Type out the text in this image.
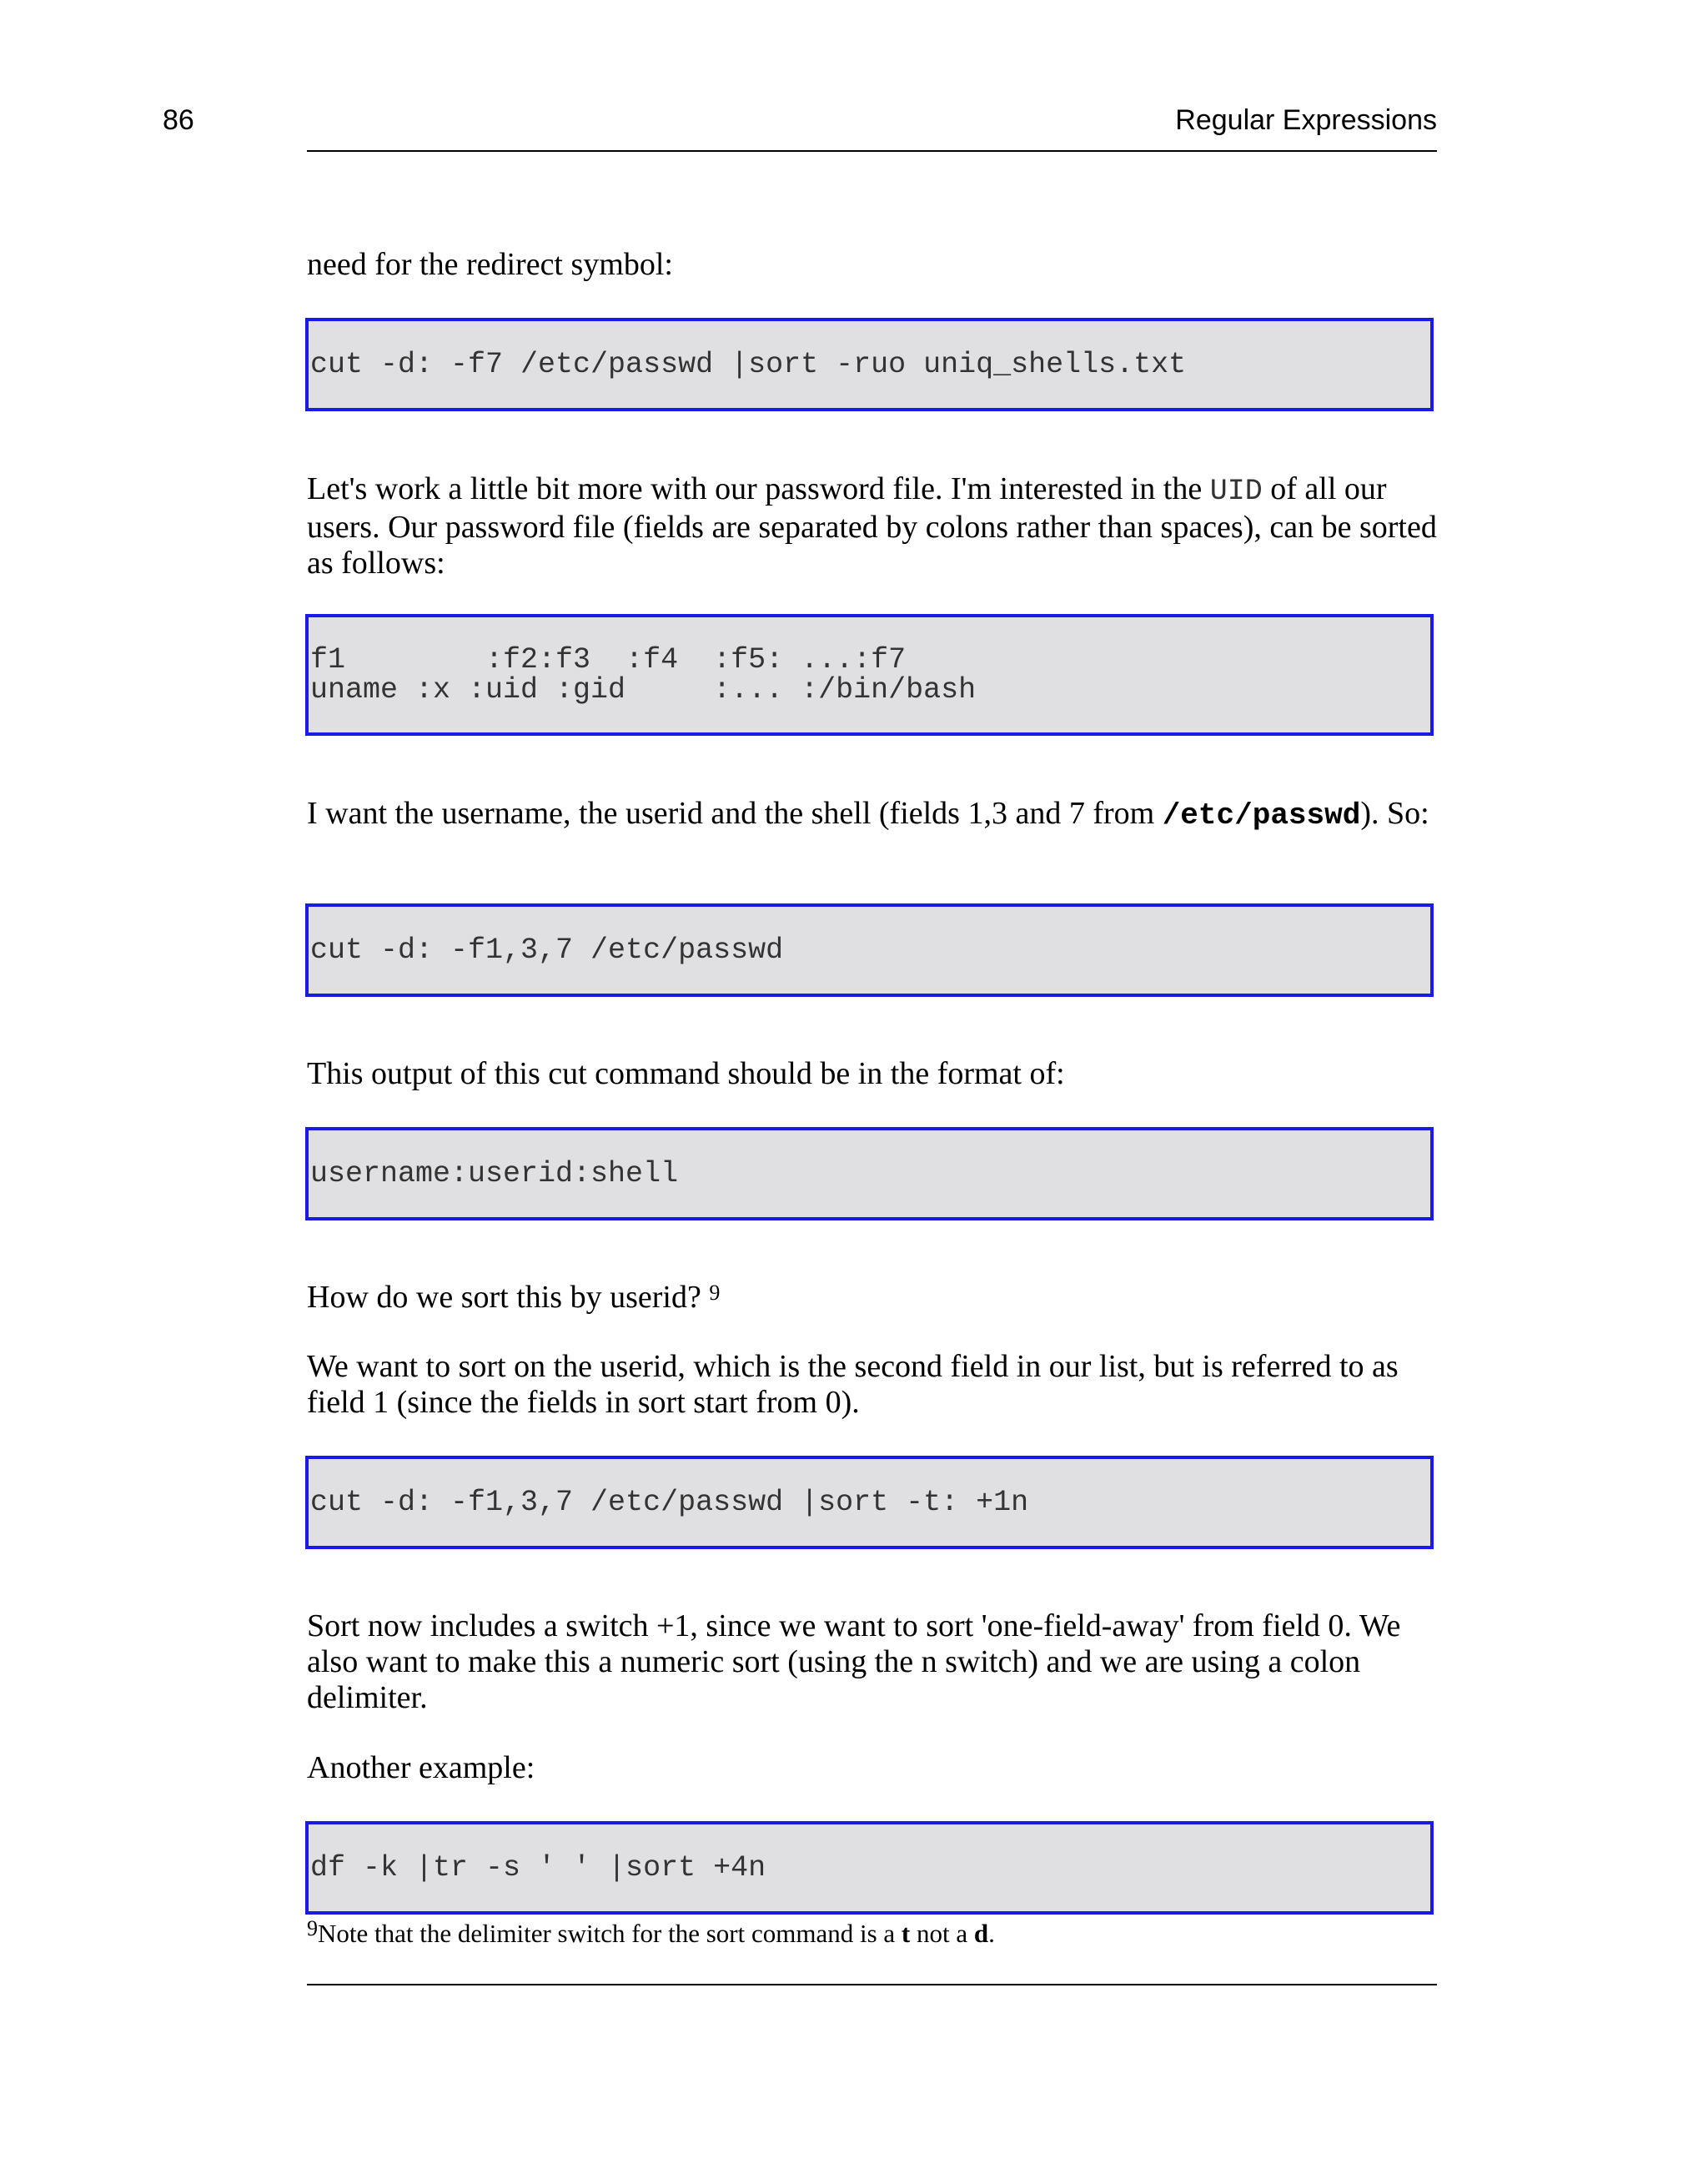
86	Regular Expressions

need for the redirect symbol:

cut -d: -f7 /etc/passwd |sort -ruo uniq_shells.txt

Let's work a little bit more with our password file. I'm interested in the UID of all our users. Our password file (fields are separated by colons rather than spaces), can be sorted as follows:

f1        :f2:f3  :f4  :f5: ...:f7
uname :x :uid :gid     :... :/bin/bash

I want the username, the userid and the shell (fields 1,3 and 7 from /etc/passwd). So:

cut -d: -f1,3,7 /etc/passwd

This output of this cut command should be in the format of:

username:userid:shell

How do we sort this by userid? $^9$

We want to sort on the userid, which is the second field in our list, but is referred to as field 1 (since the fields in sort start from 0).

cut -d: -f1,3,7 /etc/passwd |sort -t: +1n

Sort now includes a switch +1, since we want to sort 'one-field-away' from field 0. We also want to make this a numeric sort (using the n switch) and we are using a colon delimiter.

Another example:

df -k |tr -s ' ' |sort +4n
$^9$Note that the delimiter switch for the sort command is a t not a d.
